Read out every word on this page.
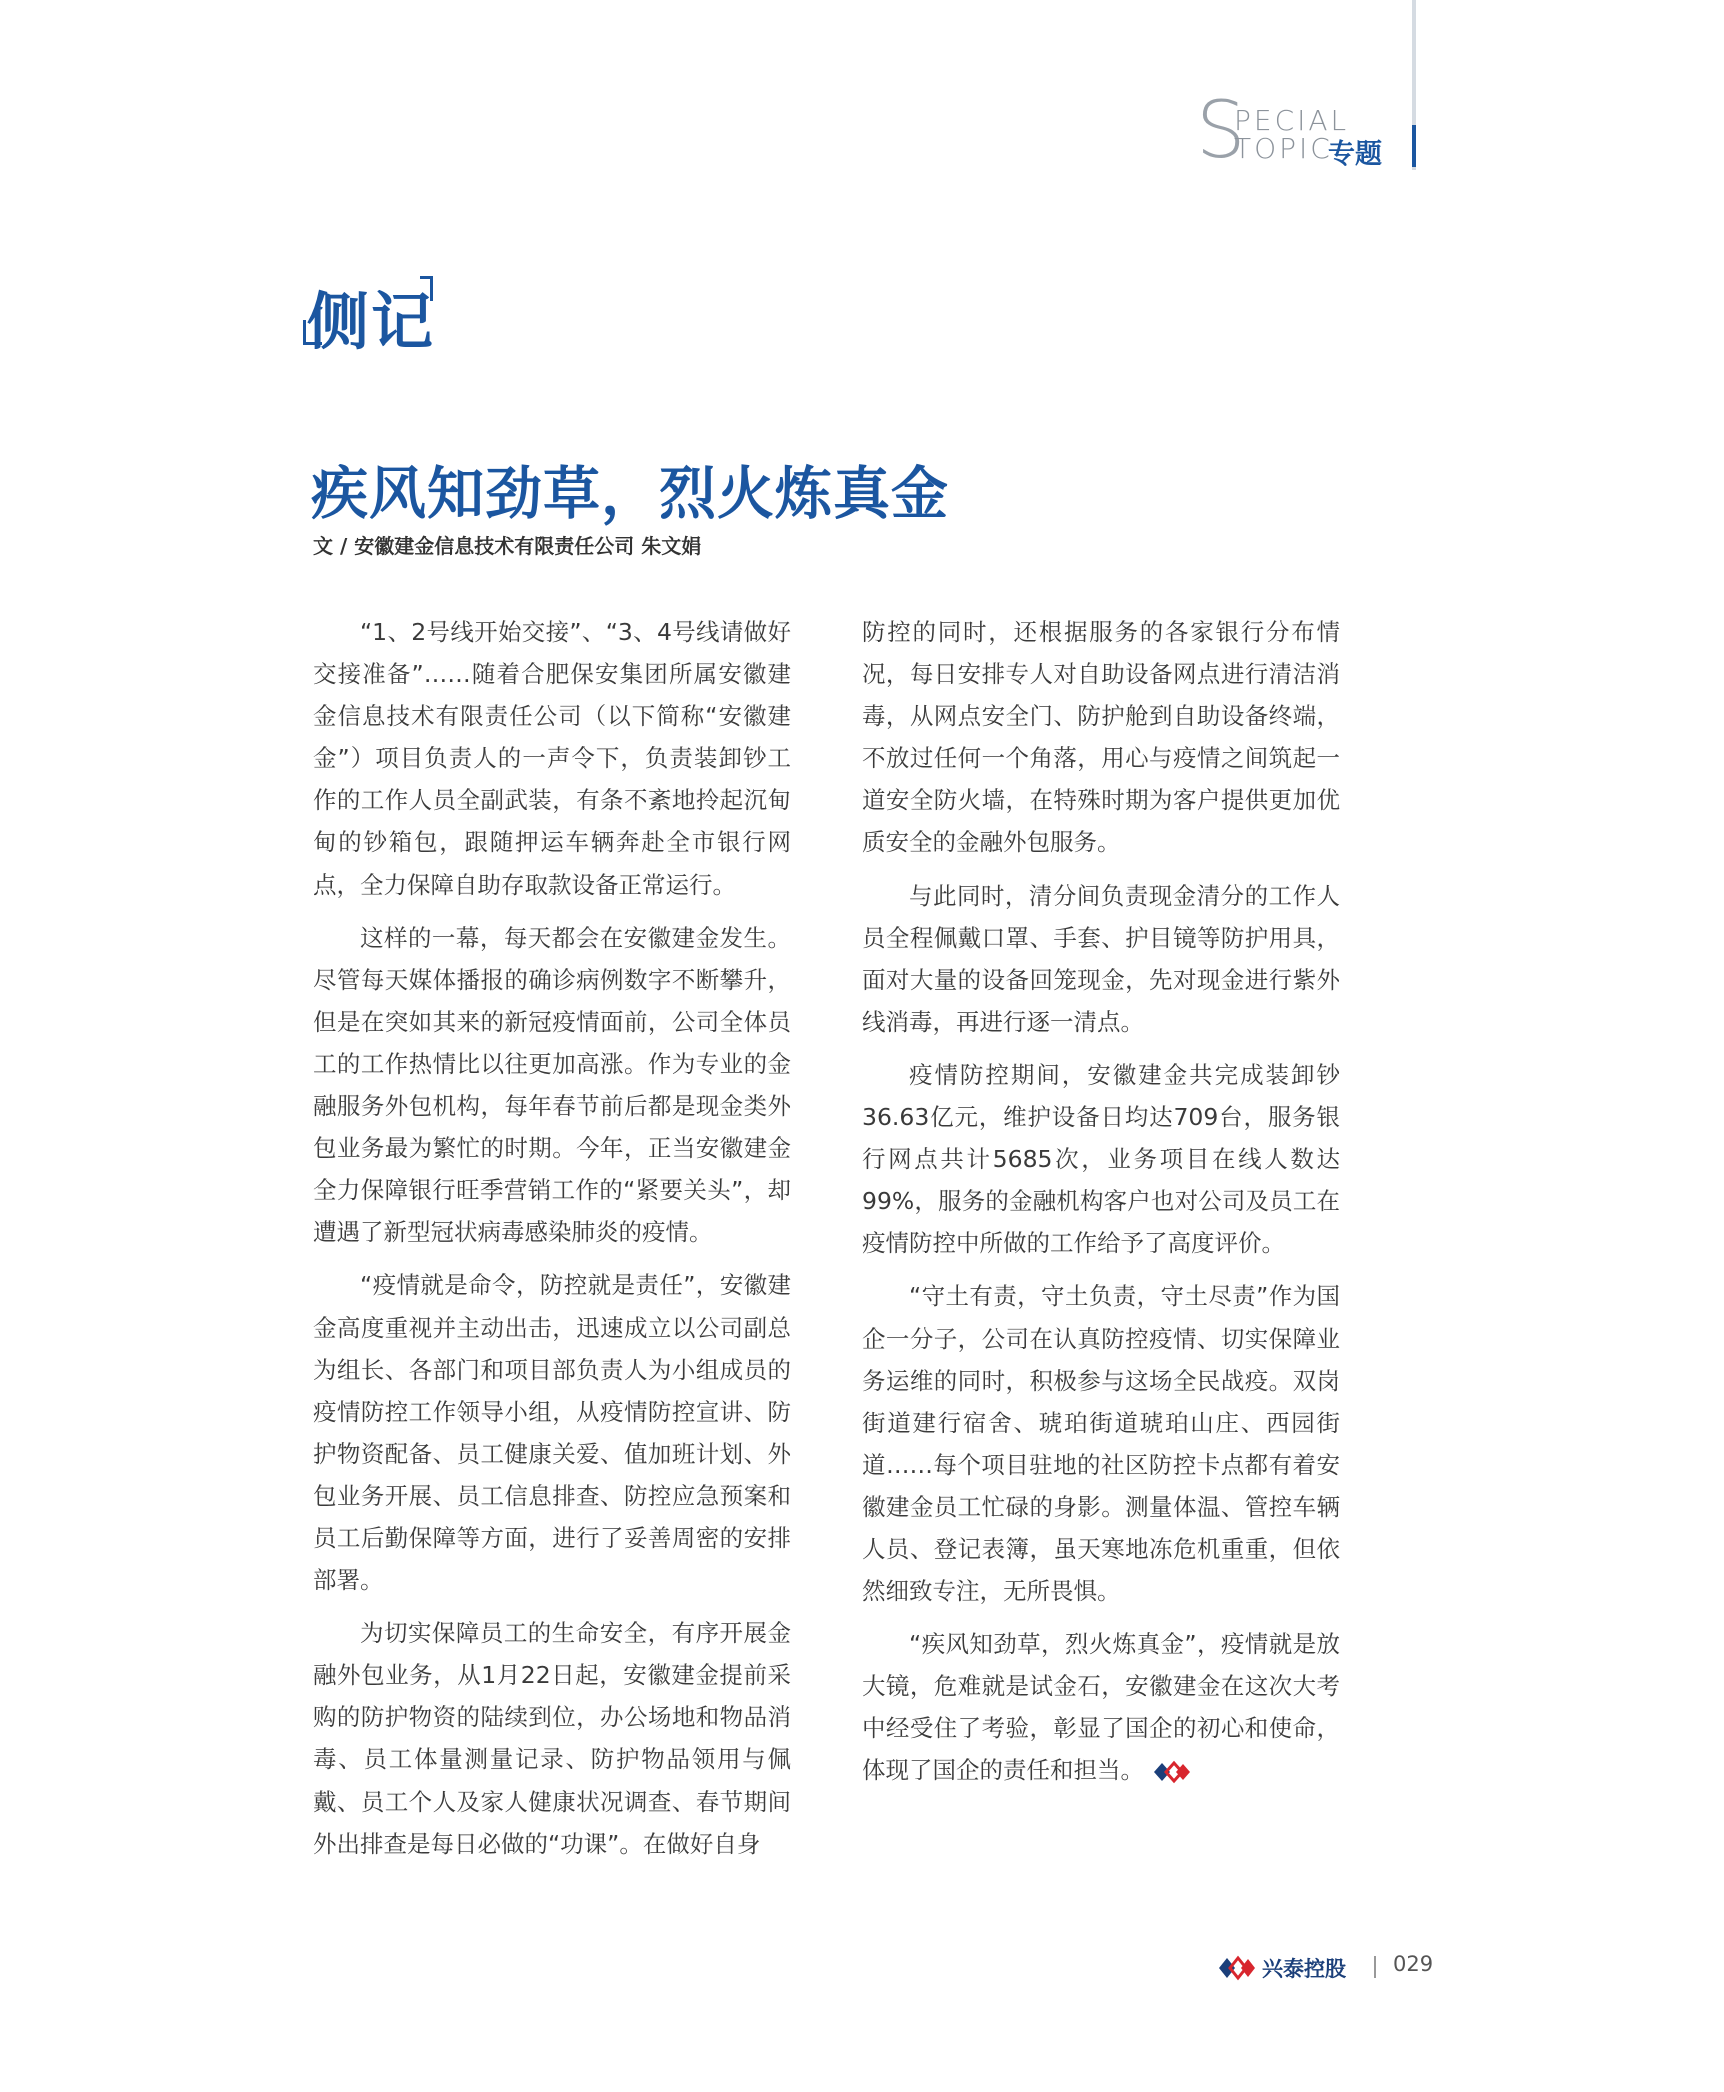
S
PECIAL
TOPIC
专题
侧记
疾风知劲草，烈火炼真金
文 / 安徽建金信息技术有限责任公司 朱文娟

“1、2号线开始交接”、“3、4号线请做好交接准备”……随着合肥保安集团所属安徽建金信息技术有限责任公司（以下简称“安徽建金”）项目负责人的一声令下，负责装卸钞工作的工作人员全副武装，有条不紊地拎起沉甸甸的钞箱包，跟随押运车辆奔赴全市银行网点，全力保障自助存取款设备正常运行。

这样的一幕，每天都会在安徽建金发生。尽管每天媒体播报的确诊病例数字不断攀升，但是在突如其来的新冠疫情面前，公司全体员工的工作热情比以往更加高涨。作为专业的金融服务外包机构，每年春节前后都是现金类外包业务最为繁忙的时期。今年，正当安徽建金全力保障银行旺季营销工作的“紧要关头”，却遭遇了新型冠状病毒感染肺炎的疫情。

“疫情就是命令，防控就是责任”，安徽建金高度重视并主动出击，迅速成立以公司副总为组长、各部门和项目部负责人为小组成员的疫情防控工作领导小组，从疫情防控宣讲、防护物资配备、员工健康关爱、值加班计划、外包业务开展、员工信息排查、防控应急预案和员工后勤保障等方面，进行了妥善周密的安排部署。

为切实保障员工的生命安全，有序开展金融外包业务，从1月22日起，安徽建金提前采购的防护物资的陆续到位，办公场地和物品消毒、员工体量测量记录、防护物品领用与佩戴、员工个人及家人健康状况调查、春节期间外出排查是每日必做的“功课”。在做好自身

防控的同时，还根据服务的各家银行分布情况，每日安排专人对自助设备网点进行清洁消毒，从网点安全门、防护舱到自助设备终端，不放过任何一个角落，用心与疫情之间筑起一道安全防火墙，在特殊时期为客户提供更加优质安全的金融外包服务。

与此同时，清分间负责现金清分的工作人员全程佩戴口罩、手套、护目镜等防护用具，面对大量的设备回笼现金，先对现金进行紫外线消毒，再进行逐一清点。

疫情防控期间，安徽建金共完成装卸钞36.63亿元，维护设备日均达709台，服务银行网点共计5685次，业务项目在线人数达99%，服务的金融机构客户也对公司及员工在疫情防控中所做的工作给予了高度评价。

“守土有责，守土负责，守土尽责”作为国企一分子，公司在认真防控疫情、切实保障业务运维的同时，积极参与这场全民战疫。双岗街道建行宿舍、琥珀街道琥珀山庄、西园街道……每个项目驻地的社区防控卡点都有着安徽建金员工忙碌的身影。测量体温、管控车辆人员、登记表簿，虽天寒地冻危机重重，但依然细致专注，无所畏惧。

“疾风知劲草，烈火炼真金”，疫情就是放大镜，危难就是试金石，安徽建金在这次大考中经受住了考验，彰显了国企的初心和使命，体现了国企的责任和担当。

兴泰控股 029
